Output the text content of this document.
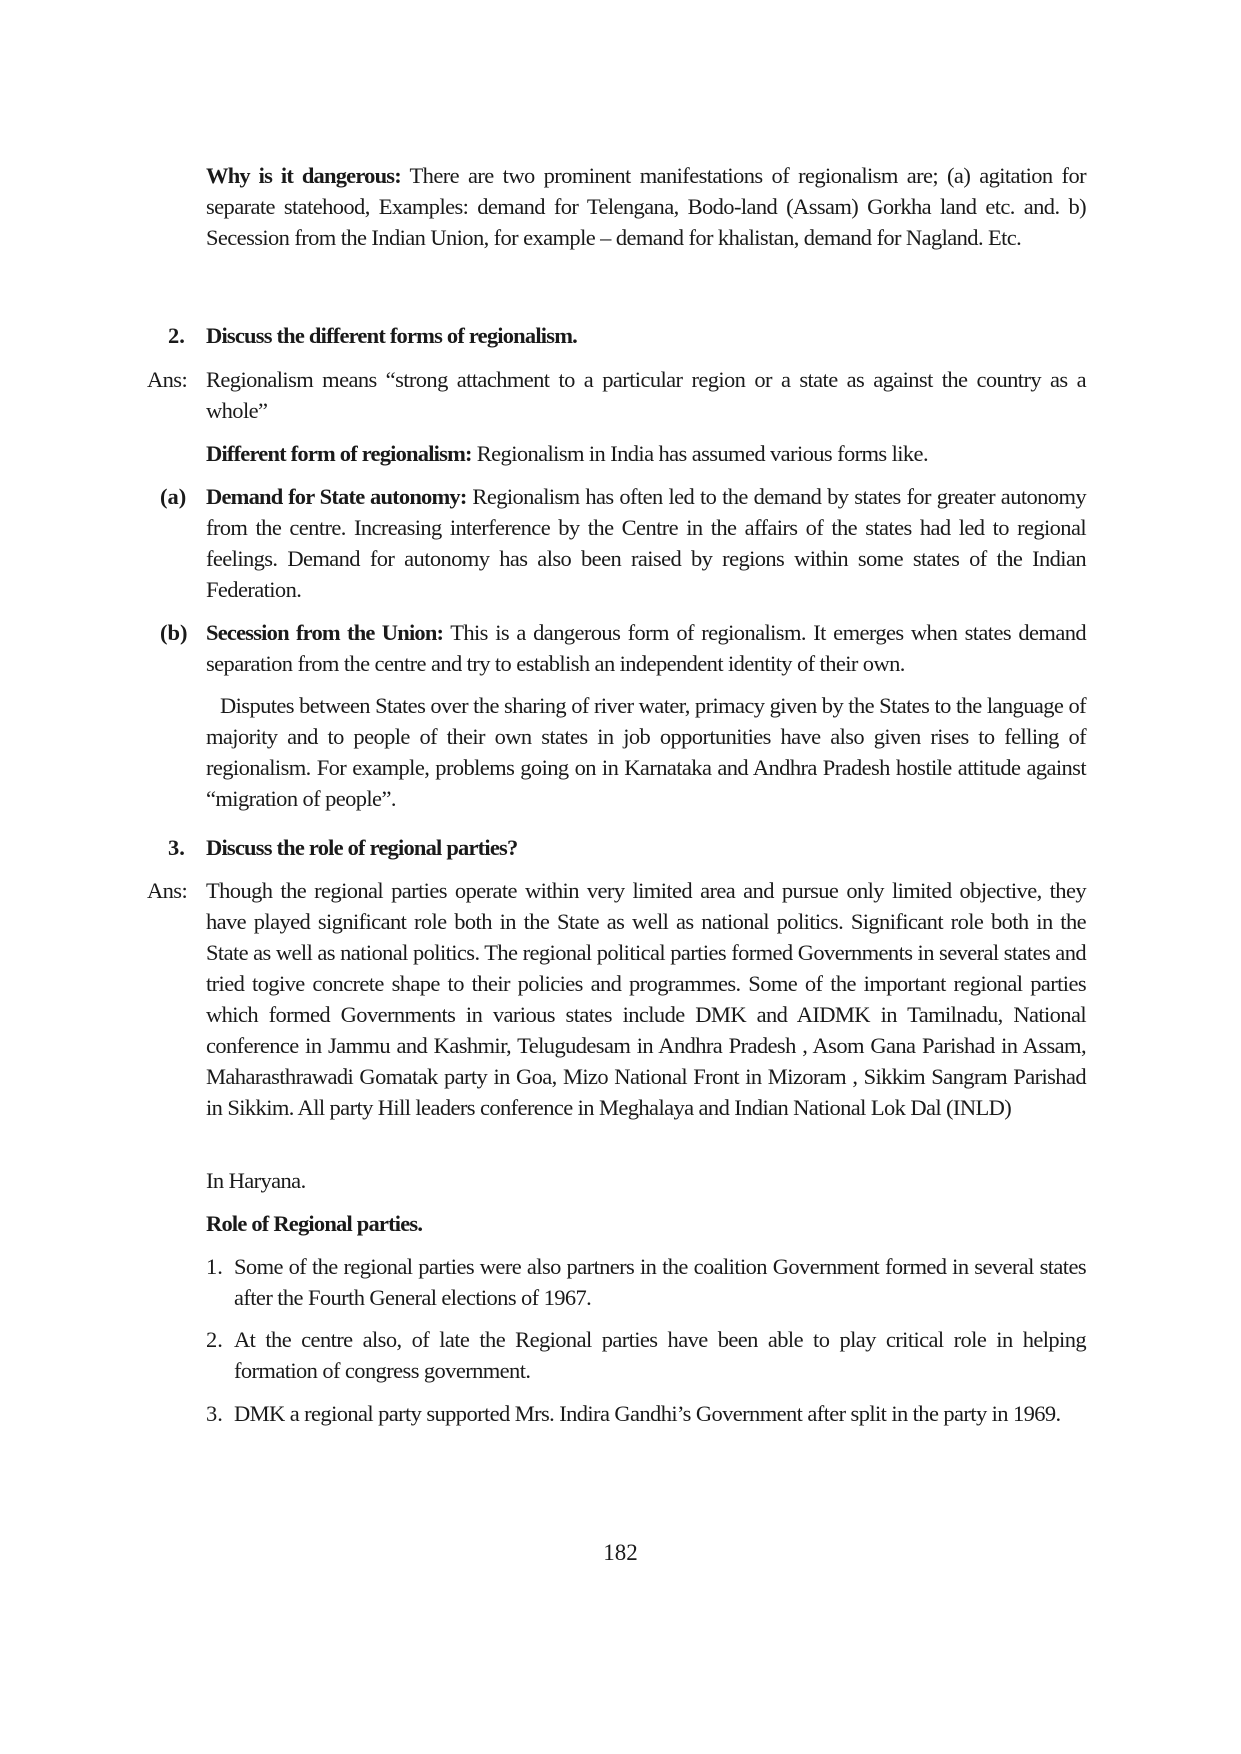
Why is it dangerous: There are two prominent manifestations of regionalism are; (a) agitation for separate statehood, Examples: demand for Telengana, Bodo-land (Assam) Gorkha land etc. and. b) Secession from the Indian Union, for example – demand for khalistan, demand for Nagland. Etc.

2. Discuss the different forms of regionalism.

Ans: Regionalism means “strong attachment to a particular region or a state as against the country as a whole”

Different form of regionalism: Regionalism in India has assumed various forms like.

(a) Demand for State autonomy: Regionalism has often led to the demand by states for greater autonomy from the centre. Increasing interference by the Centre in the affairs of the states had led to regional feelings. Demand for autonomy has also been raised by regions within some states of the Indian Federation.

(b) Secession from the Union: This is a dangerous form of regionalism. It emerges when states demand separation from the centre and try to establish an independent identity of their own.

Disputes between States over the sharing of river water, primacy given by the States to the language of majority and to people of their own states in job opportunities have also given rises to felling of regionalism. For example, problems going on in Karnataka and Andhra Pradesh hostile attitude against “migration of people”.

3. Discuss the role of regional parties?

Ans: Though the regional parties operate within very limited area and pursue only limited objective, they have played significant role both in the State as well as national politics. Significant role both in the State as well as national politics. The regional political parties formed Governments in several states and tried togive concrete shape to their policies and programmes. Some of the important regional parties which formed Governments in various states include DMK and AIDMK in Tamilnadu, National conference in Jammu and Kashmir, Telugudesam in Andhra Pradesh , Asom Gana Parishad in Assam, Maharasthrawadi Gomatak party in Goa, Mizo National Front in Mizoram , Sikkim Sangram Parishad in Sikkim. All party Hill leaders conference in Meghalaya and Indian National Lok Dal (INLD)

In Haryana.

Role of Regional parties.

1. Some of the regional parties were also partners in the coalition Government formed in several states after the Fourth General elections of 1967.

2. At the centre also, of late the Regional parties have been able to play critical role in helping formation of congress government.

3. DMK a regional party supported Mrs. Indira Gandhi’s Government after split in the party in 1969.

182
